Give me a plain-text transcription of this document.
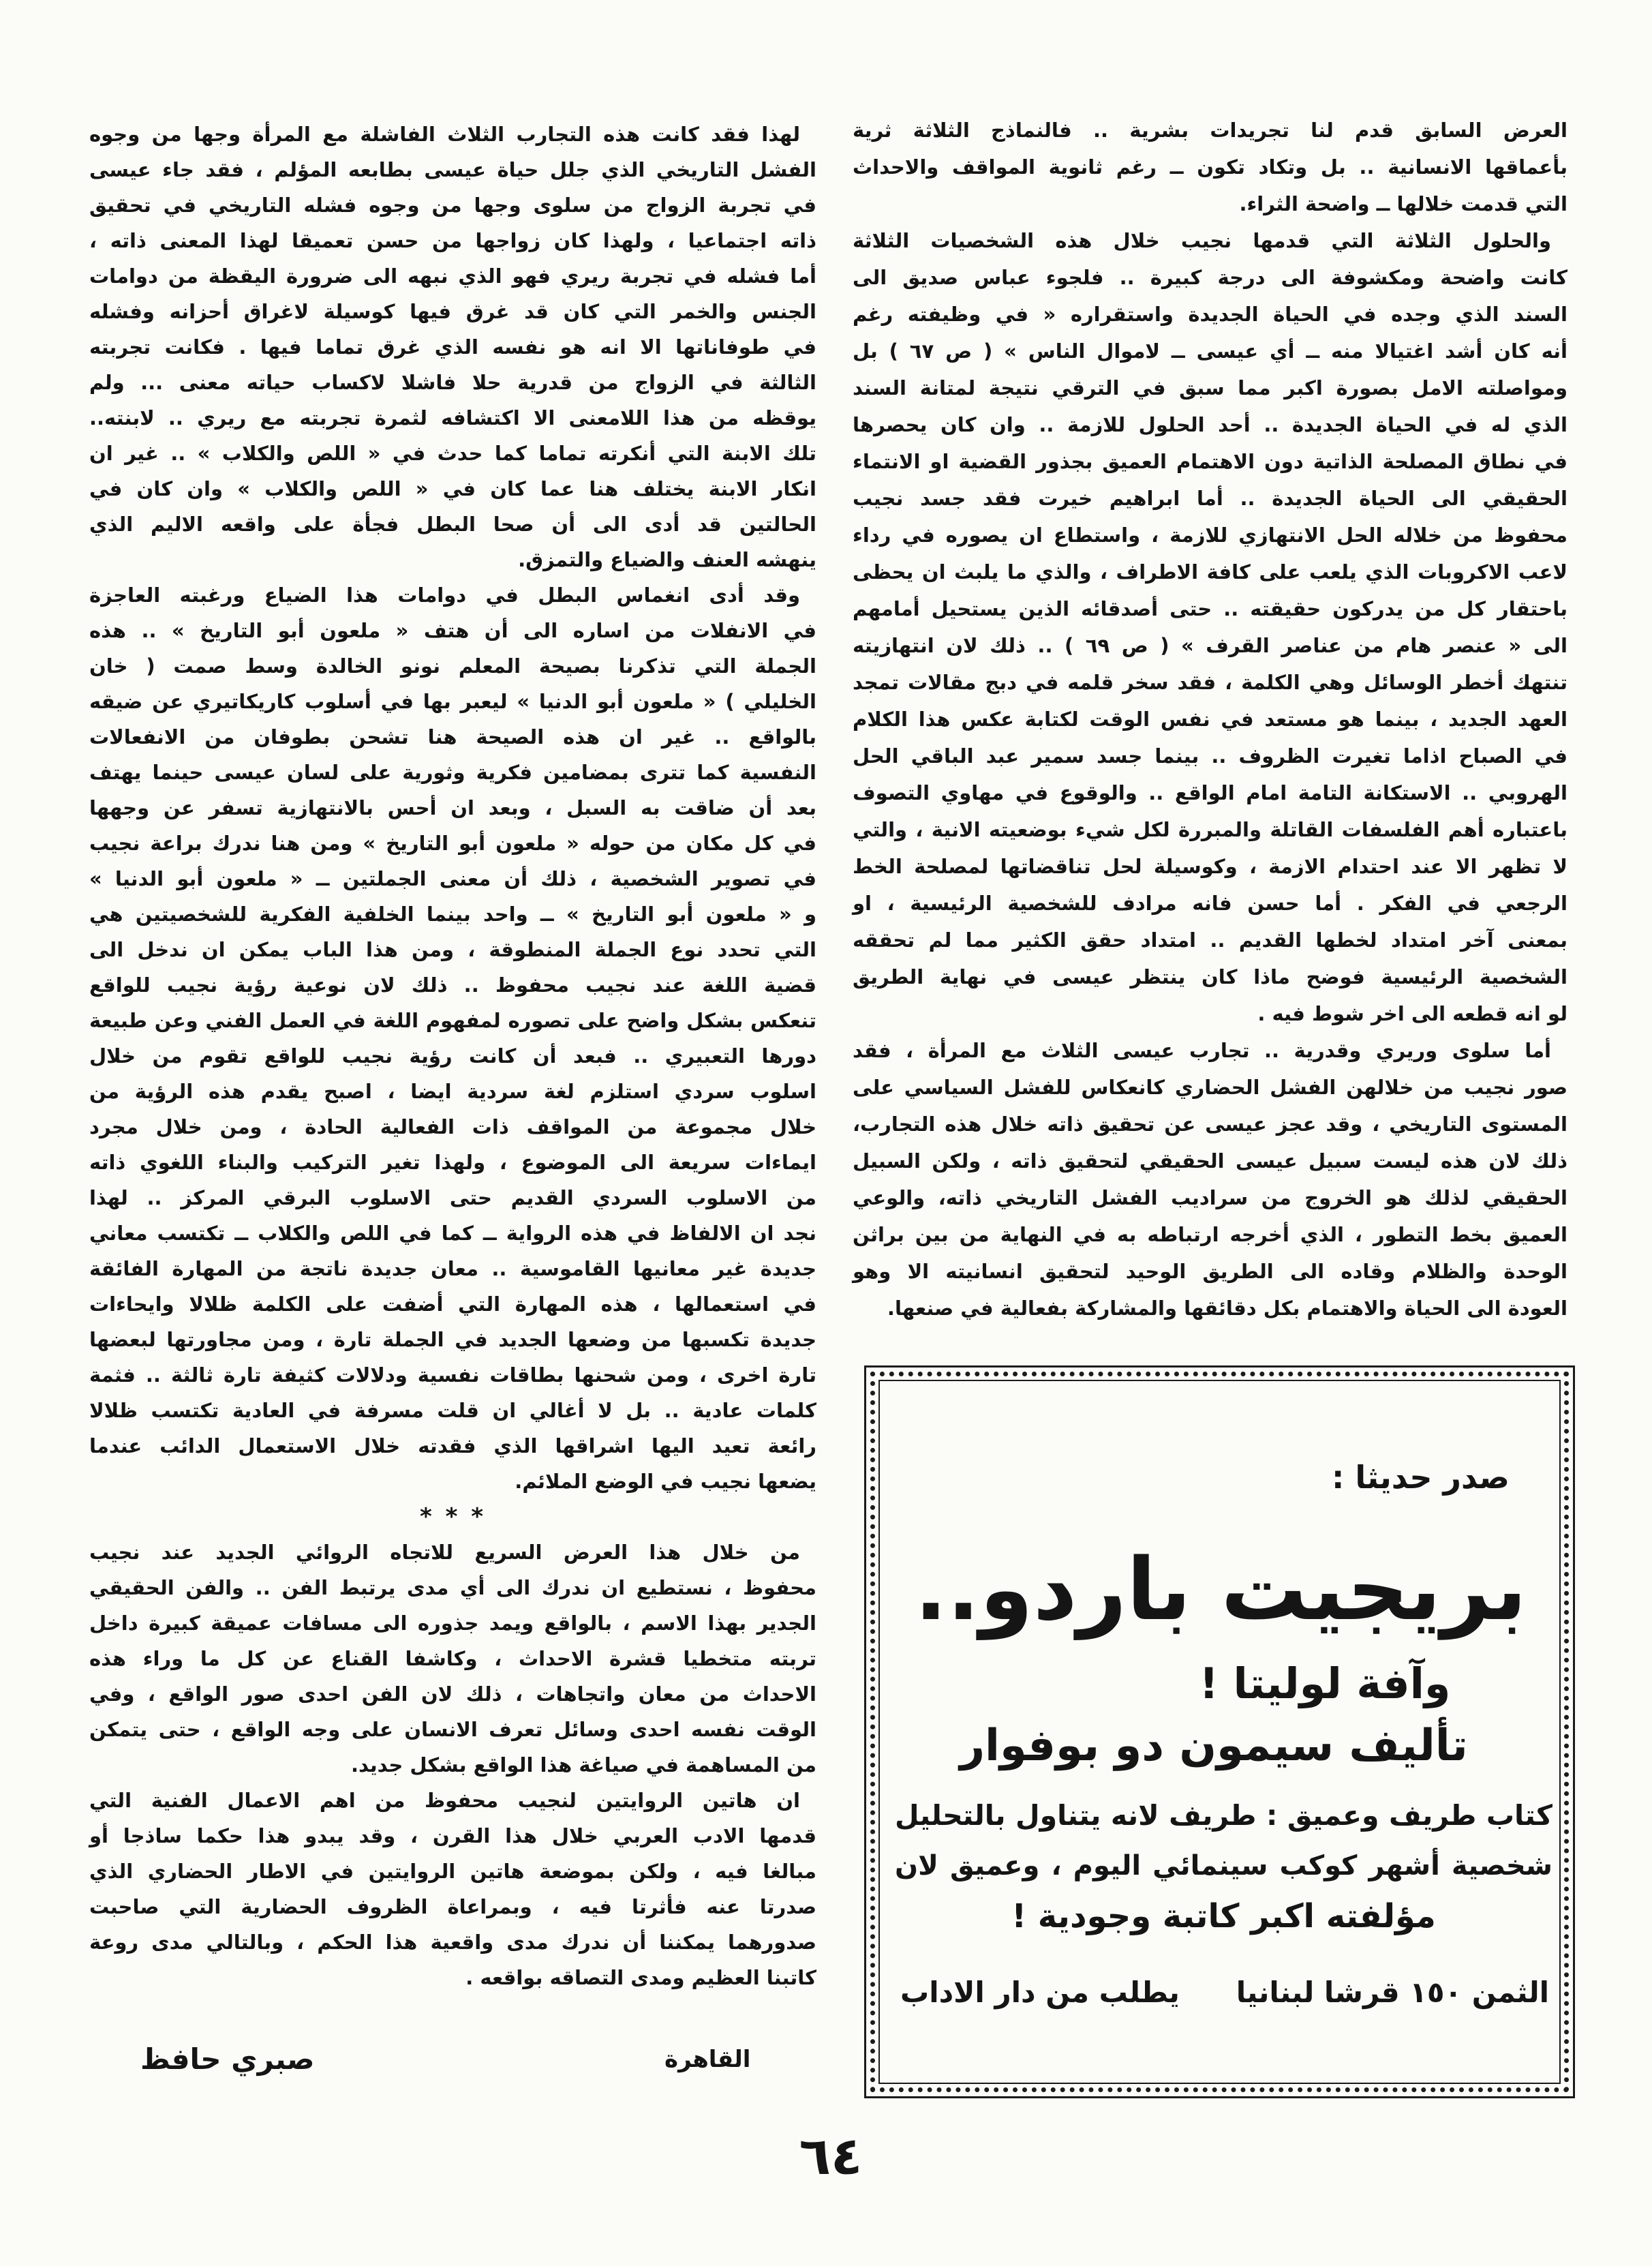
العرض السابق قدم لنا تجريدات بشرية .. فالنماذج الثلاثة ثرية
بأعماقها الانسانية .. بل وتكاد تكون ــ رغم ثانوية المواقف والاحداث
التي قدمت خلالها ــ واضحة الثراء.
والحلول الثلاثة التي قدمها نجيب خلال هذه الشخصيات الثلاثة
كانت واضحة ومكشوفة الى درجة كبيرة .. فلجوء عباس صديق الى
السند الذي وجده في الحياة الجديدة واستقراره « في وظيفته رغم
أنه كان أشد اغتيالا منه ــ أي عيسى ــ لاموال الناس » ( ص ٦٧ ) بل
ومواصلته الامل بصورة اكبر مما سبق في الترقي نتيجة لمتانة السند
الذي له في الحياة الجديدة .. أحد الحلول للازمة .. وان كان يحصرها
في نطاق المصلحة الذاتية دون الاهتمام العميق بجذور القضية او الانتماء
الحقيقي الى الحياة الجديدة .. أما ابراهيم خيرت فقد جسد نجيب
محفوظ من خلاله الحل الانتهازي للازمة ، واستطاع ان يصوره في رداء
لاعب الاكروبات الذي يلعب على كافة الاطراف ، والذي ما يلبث ان يحظى
باحتقار كل من يدركون حقيقته .. حتى أصدقائه الذين يستحيل أمامهم
الى « عنصر هام من عناصر القرف » ( ص ٦٩ ) .. ذلك لان انتهازيته
تنتهك أخطر الوسائل وهي الكلمة ، فقد سخر قلمه في دبج مقالات تمجد
العهد الجديد ، بينما هو مستعد في نفس الوقت لكتابة عكس هذا الكلام
في الصباح اذاما تغيرت الظروف .. بينما جسد سمير عبد الباقي الحل
الهروبي .. الاستكانة التامة امام الواقع .. والوقوع في مهاوي التصوف
باعتباره أهم الفلسفات القاتلة والمبررة لكل شيء بوضعيته الانية ، والتي
لا تظهر الا عند احتدام الازمة ، وكوسيلة لحل تناقضاتها لمصلحة الخط
الرجعي في الفكر . أما حسن فانه مرادف للشخصية الرئيسية ، او
بمعنى آخر امتداد لخطها القديم .. امتداد حقق الكثير مما لم تحققه
الشخصية الرئيسية فوضح ماذا كان ينتظر عيسى في نهاية الطريق
لو انه قطعه الى اخر شوط فيه .
أما سلوى وريري وقدرية .. تجارب عيسى الثلاث مع المرأة ، فقد
صور نجيب من خلالهن الفشل الحضاري كانعكاس للفشل السياسي على
المستوى التاريخي ، وقد عجز عيسى عن تحقيق ذاته خلال هذه التجارب،
ذلك لان هذه ليست سبيل عيسى الحقيقي لتحقيق ذاته ، ولكن السبيل
الحقيقي لذلك هو الخروج من سراديب الفشل التاريخي ذاته، والوعي
العميق بخط التطور ، الذي أخرجه ارتباطه به في النهاية من بين براثن
الوحدة والظلام وقاده الى الطريق الوحيد لتحقيق انسانيته الا وهو
العودة الى الحياة والاهتمام بكل دقائقها والمشاركة بفعالية في صنعها.
صدر حديثا :
بريجيت باردو..
وآفة لوليتا !
تأليف سيمون دو بوفوار
كتاب طريف وعميق : طريف لانه يتناول بالتحليل
شخصية أشهر كوكب سينمائي اليوم ، وعميق لان
مؤلفته اكبر كاتبة وجودية !
الثمن ١٥٠ قرشا لبنانيا
يطلب من دار الاداب
لهذا فقد كانت هذه التجارب الثلاث الفاشلة مع المرأة وجها من وجوه
الفشل التاريخي الذي جلل حياة عيسى بطابعه المؤلم ، فقد جاء عيسى
في تجربة الزواج من سلوى وجها من وجوه فشله التاريخي في تحقيق
ذاته اجتماعيا ، ولهذا كان زواجها من حسن تعميقا لهذا المعنى ذاته ،
أما فشله في تجربة ريري فهو الذي نبهه الى ضرورة اليقظة من دوامات
الجنس والخمر التي كان قد غرق فيها كوسيلة لاغراق أحزانه وفشله
في طوفاناتها الا انه هو نفسه الذي غرق تماما فيها . فكانت تجربته
الثالثة في الزواج من قدرية حلا فاشلا لاكساب حياته معنى ... ولم
يوقظه من هذا اللامعنى الا اكتشافه لثمرة تجربته مع ريري .. لابنته..
تلك الابنة التي أنكرته تماما كما حدث في « اللص والكلاب » .. غير ان
انكار الابنة يختلف هنا عما كان في « اللص والكلاب » وان كان في
الحالتين قد أدى الى أن صحا البطل فجأة على واقعه الاليم الذي
ينهشه العنف والضياع والتمزق.
وقد أدى انغماس البطل في دوامات هذا الضياع ورغبته العاجزة
في الانفلات من اساره الى أن هتف « ملعون أبو التاريخ » .. هذه
الجملة التي تذكرنا بصيحة المعلم نونو الخالدة وسط صمت ( خان
الخليلي ) « ملعون أبو الدنيا » ليعبر بها في أسلوب كاريكاتيري عن ضيقه
بالواقع .. غير ان هذه الصيحة هنا تشحن بطوفان من الانفعالات
النفسية كما تترى بمضامين فكرية وثورية على لسان عيسى حينما يهتف
بعد أن ضاقت به السبل ، وبعد ان أحس بالانتهازية تسفر عن وجهها
في كل مكان من حوله « ملعون أبو التاريخ » ومن هنا ندرك براعة نجيب
في تصوير الشخصية ، ذلك أن معنى الجملتين ــ « ملعون أبو الدنيا »
و « ملعون أبو التاريخ » ــ واحد بينما الخلفية الفكرية للشخصيتين هي
التي تحدد نوع الجملة المنطوقة ، ومن هذا الباب يمكن ان ندخل الى
قضية اللغة عند نجيب محفوظ .. ذلك لان نوعية رؤية نجيب للواقع
تنعكس بشكل واضح على تصوره لمفهوم اللغة في العمل الفني وعن طبيعة
دورها التعبيري .. فبعد أن كانت رؤية نجيب للواقع تقوم من خلال
اسلوب سردي استلزم لغة سردية ايضا ، اصبح يقدم هذه الرؤية من
خلال مجموعة من المواقف ذات الفعالية الحادة ، ومن خلال مجرد
ايماءات سريعة الى الموضوع ، ولهذا تغير التركيب والبناء اللغوي ذاته
من الاسلوب السردي القديم حتى الاسلوب البرقي المركز .. لهذا
نجد ان الالفاظ في هذه الرواية ــ كما في اللص والكلاب ــ تكتسب معاني
جديدة غير معانيها القاموسية .. معان جديدة ناتجة من المهارة الفائقة
في استعمالها ، هذه المهارة التي أضفت على الكلمة ظلالا وايحاءات
جديدة تكسبها من وضعها الجديد في الجملة تارة ، ومن مجاورتها لبعضها
تارة اخرى ، ومن شحنها بطاقات نفسية ودلالات كثيفة تارة ثالثة .. فثمة
كلمات عادية .. بل لا أغالي ان قلت مسرفة في العادية تكتسب ظلالا
رائعة تعيد اليها اشراقها الذي فقدته خلال الاستعمال الدائب عندما
يضعها نجيب في الوضع الملائم.
* * *
من خلال هذا العرض السريع للاتجاه الروائي الجديد عند نجيب
محفوظ ، نستطيع ان ندرك الى أي مدى يرتبط الفن .. والفن الحقيقي
الجدير بهذا الاسم ، بالواقع ويمد جذوره الى مسافات عميقة كبيرة داخل
تربته متخطيا قشرة الاحداث ، وكاشفا القناع عن كل ما وراء هذه
الاحداث من معان واتجاهات ، ذلك لان الفن احدى صور الواقع ، وفي
الوقت نفسه احدى وسائل تعرف الانسان على وجه الواقع ، حتى يتمكن
من المساهمة في صياغة هذا الواقع بشكل جديد.
ان هاتين الروايتين لنجيب محفوظ من اهم الاعمال الفنية التي
قدمها الادب العربي خلال هذا القرن ، وقد يبدو هذا حكما ساذجا أو
مبالغا فيه ، ولكن بموضعة هاتين الروايتين في الاطار الحضاري الذي
صدرتا عنه فأثرتا فيه ، وبمراعاة الظروف الحضارية التي صاحبت
صدورهما يمكننا أن ندرك مدى واقعية هذا الحكم ، وبالتالي مدى روعة
كاتبنا العظيم ومدى التصاقه بواقعه .
القاهرة
صبري حافظ
٦٤
